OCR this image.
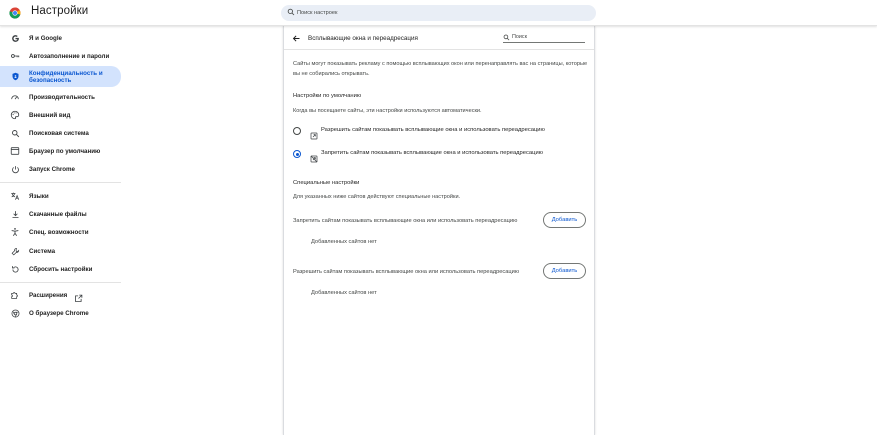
Настройки
Поиск настроек
Я и Google
Автозаполнение и пароли
Конфиденциальность и безопасность
Производительность
Внешний вид
Поисковая система
Браузер по умолчанию
Запуск Chrome
Языки
Скачанные файлы
Спец. возможности
Система
Сбросить настройки
Расширения
О браузере Chrome
Всплывающие окна и переадресация
Поиск
Сайты могут показывать рекламу с помощью всплывающих окон или перенаправлять вас на страницы, которые вы не собирались открывать.
Настройки по умолчанию
Когда вы посещаете сайты, эти настройки используются автоматически.
Разрешить сайтам показывать всплывающие окна и использовать переадресацию
Запретить сайтам показывать всплывающие окна и использовать переадресацию
Специальные настройки
Для указанных ниже сайтов действуют специальные настройки.
Запретить сайтам показывать всплывающие окна или использовать переадресацию	Добавить
Добавленных сайтов нет
Разрешить сайтам показывать всплывающие окна или использовать переадресацию	Добавить
Добавленных сайтов нет
